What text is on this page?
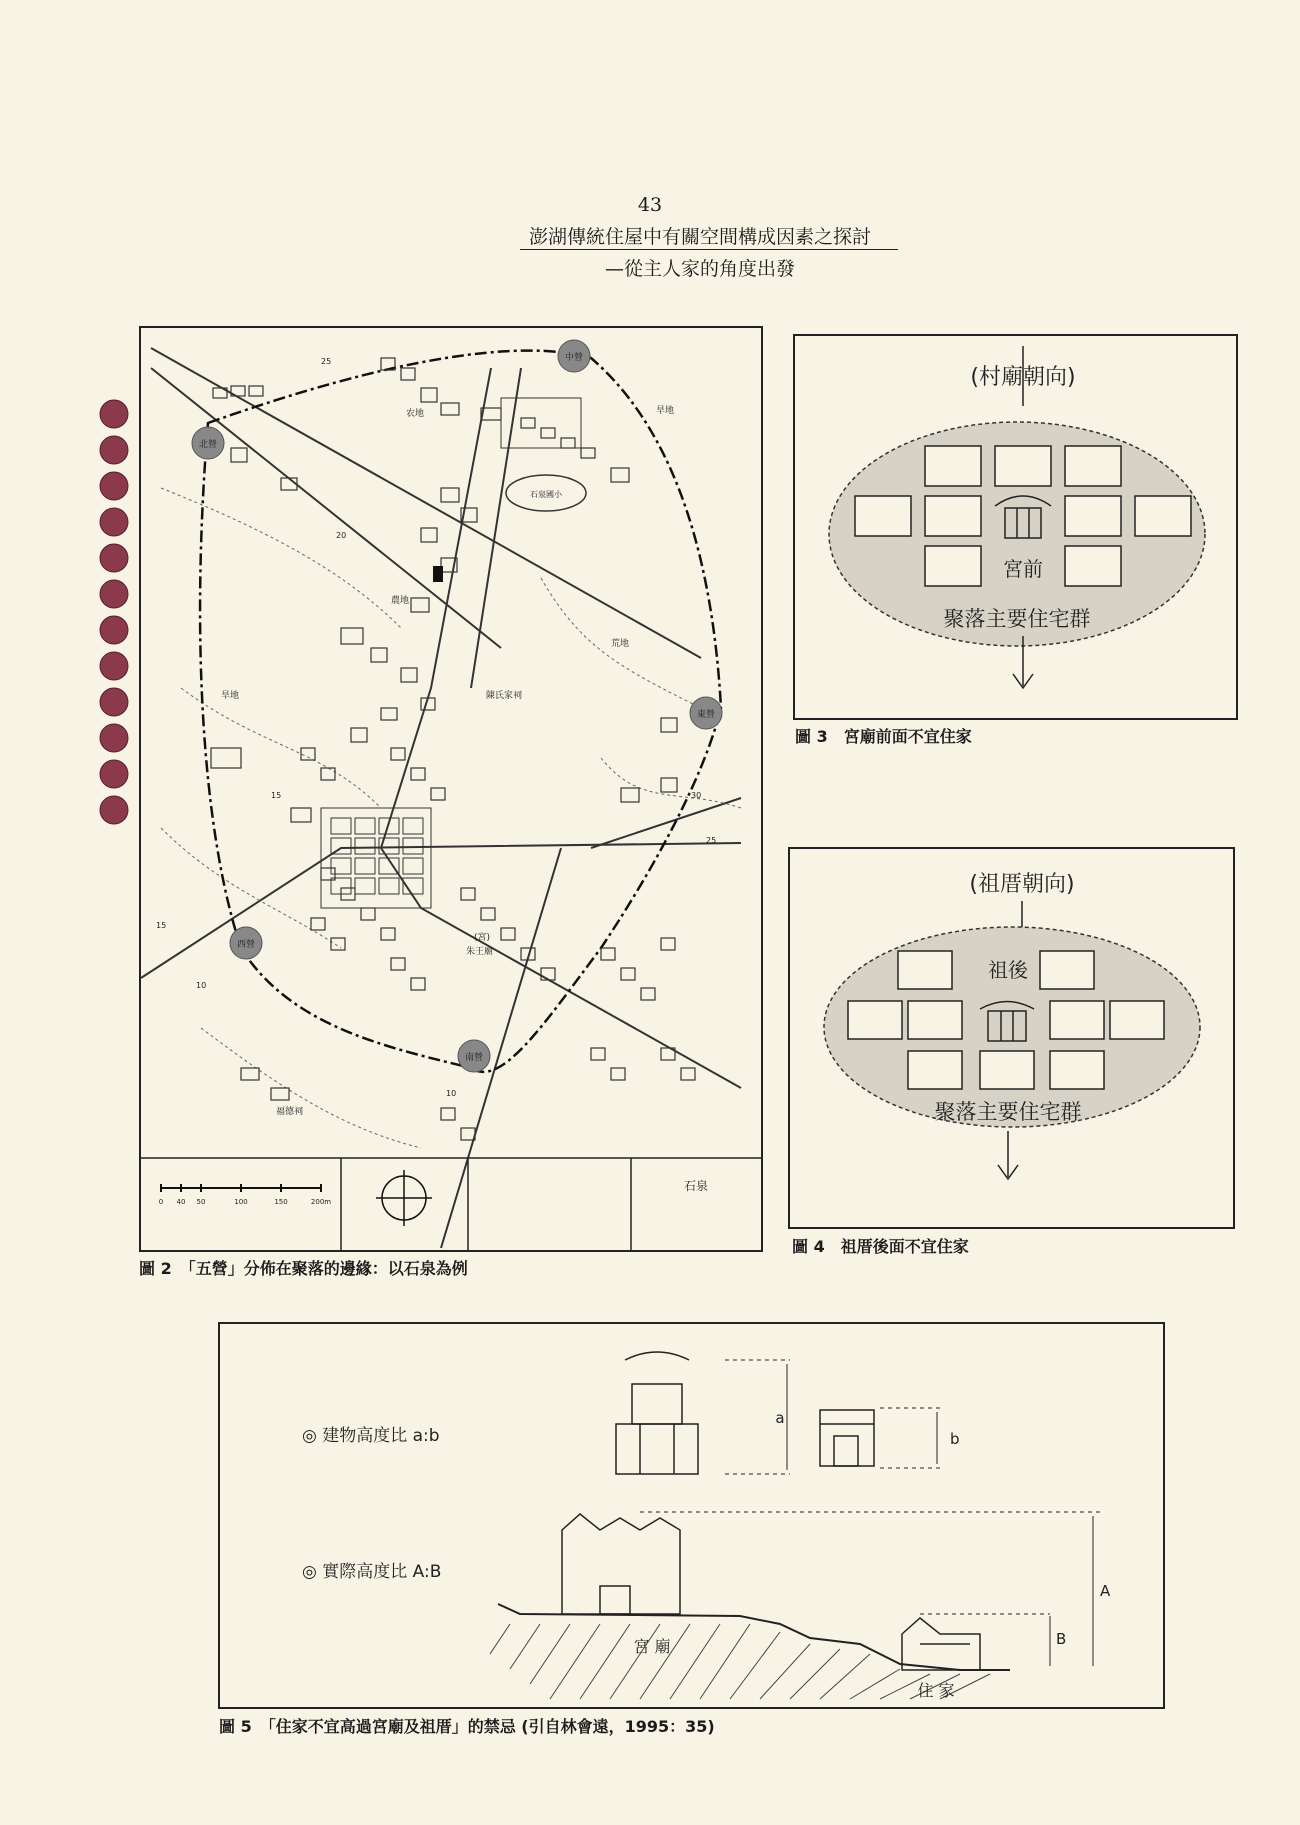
43
澎湖傳統住屋中有關空間構成因素之探討
—從主人家的角度出發
石泉國小
中營
北營
東營
西營
南營
农地	旱地
荒地
農地
旱地	陳氏家祠
(宮)
朱王廟
福德祠
25
15
20
30
25
15
10
10
0 40 50	100	150	200m
石泉
圖 2　「五營」分佈在聚落的邊緣：以石泉為例
(村廟朝向)
宮前
聚落主要住宅群
圖 3　宮廟前面不宜住家
(祖厝朝向)
祖後
聚落主要住宅群
圖 4　祖厝後面不宜住家
◎ 建物高度比 a:b
◎ 實際高度比 A:B
a
b
宮 廟
住 家
A
B
圖 5　「住家不宜高過宮廟及祖厝」的禁忌 (引自林會遠，1995：35)
